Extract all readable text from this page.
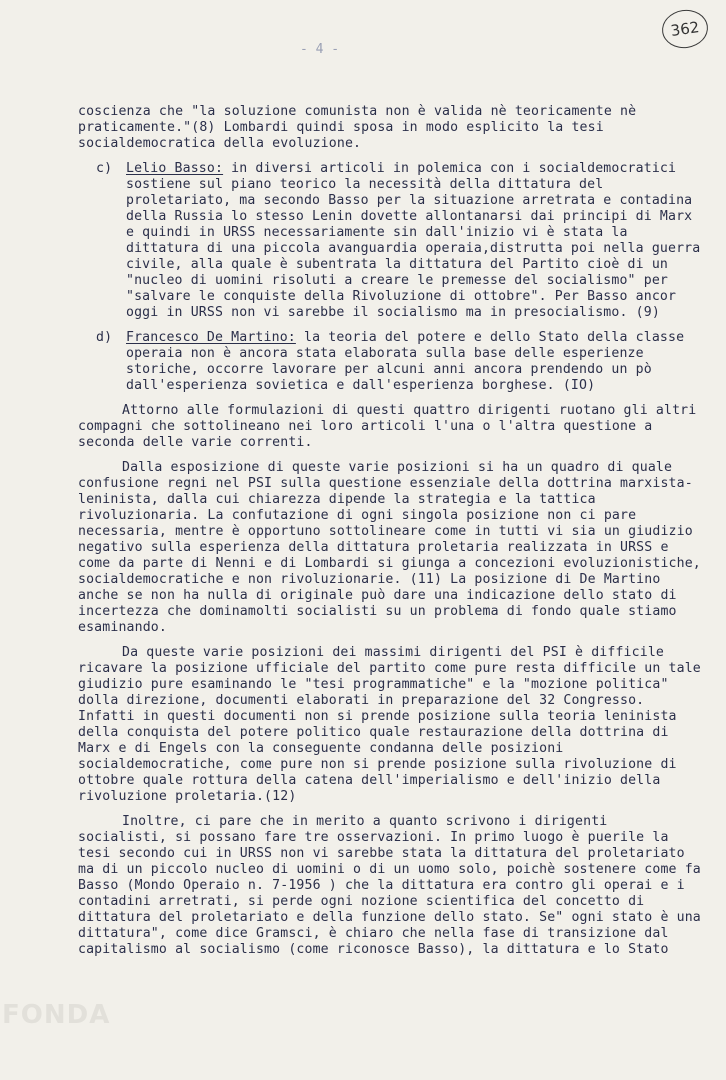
362
- 4 -

coscienza che "la soluzione comunista non è valida nè teoricamente nè praticamente."(8) Lombardi quindi sposa in modo esplicito la tesi socialdemocratica della evoluzione.

c) Lelio Basso: in diversi articoli in polemica con i socialdemocratici sostiene sul piano teorico la necessità della dittatura del proletariato, ma secondo Basso per la situazione arretrata e contadina della Russia lo stesso Lenin dovette allontanarsi dai principi di Marx e quindi in URSS necessariamente sin dall'inizio vi è stata la dittatura di una piccola avanguardia operaia,distrutta poi nella guerra civile, alla quale è subentrata la dittatura del Partito cioè di un "nucleo di uomini risoluti a creare le premesse del socialismo" per "salvare le conquiste della Rivoluzione di ottobre". Per Basso ancor oggi in URSS non vi sarebbe il socialismo ma in presocialismo. (9)
d) Francesco De Martino: la teoria del potere e dello Stato della classe operaia non è ancora stata elaborata sulla base delle esperienze storiche, occorre lavorare per alcuni anni ancora prendendo un pò dall'esperienza sovietica e dall'esperienza borghese. (IO)

Attorno alle formulazioni di questi quattro dirigenti ruotano gli altri compagni che sottolineano nei loro articoli l'una o l'altra questione a seconda delle varie correnti.

Dalla esposizione di queste varie posizioni si ha un quadro di quale confusione regni nel PSI sulla questione essenziale della dottrina marxista-leninista, dalla cui chiarezza dipende la strategia e la tattica rivoluzionaria. La confutazione di ogni singola posizione non ci pare necessaria, mentre è opportuno sottolineare come in tutti vi sia un giudizio negativo sulla esperienza della dittatura proletaria realizzata in URSS e come da parte di Nenni e di Lombardi si giunga a concezioni evoluzionistiche, socialdemocratiche e non rivoluzionarie. (11) La posizione di De Martino anche se non ha nulla di originale può dare una indicazione dello stato di incertezza che dominamolti socialisti su un problema di fondo quale stiamo esaminando.

Da queste varie posizioni dei massimi dirigenti del PSI è difficile ricavare la posizione ufficiale del partito come pure resta difficile un tale giudizio pure esaminando le "tesi programmatiche" e la "mozione politica" dolla direzione, documenti elaborati in preparazione del 32 Congresso. Infatti in questi documenti non si prende posizione sulla teoria leninista della conquista del potere politico quale restaurazione della dottrina di Marx e di Engels con la conseguente condanna delle posizioni socialdemocratiche, come pure non si prende posizione sulla rivoluzione di ottobre quale rottura della catena dell'imperialismo e dell'inizio della rivoluzione proletaria.(12)

Inoltre, ci pare che in merito a quanto scrivono i dirigenti socialisti, si possano fare tre osservazioni. In primo luogo è puerile la tesi secondo cui in URSS non vi sarebbe stata la dittatura del proletariato ma di un piccolo nucleo di uomini o di un uomo solo, poichè sostenere come fa Basso (Mondo Operaio n. 7-1956 ) che la dittatura era contro gli operai e i contadini arretrati, si perde ogni nozione scientifica del concetto di dittatura del proletariato e della funzione dello stato. Se" ogni stato è una dittatura", come dice Gramsci, è chiaro che nella fase di transizione dal capitalismo al socialismo (come riconosce Basso), la dittatura e lo Stato

FONDA
